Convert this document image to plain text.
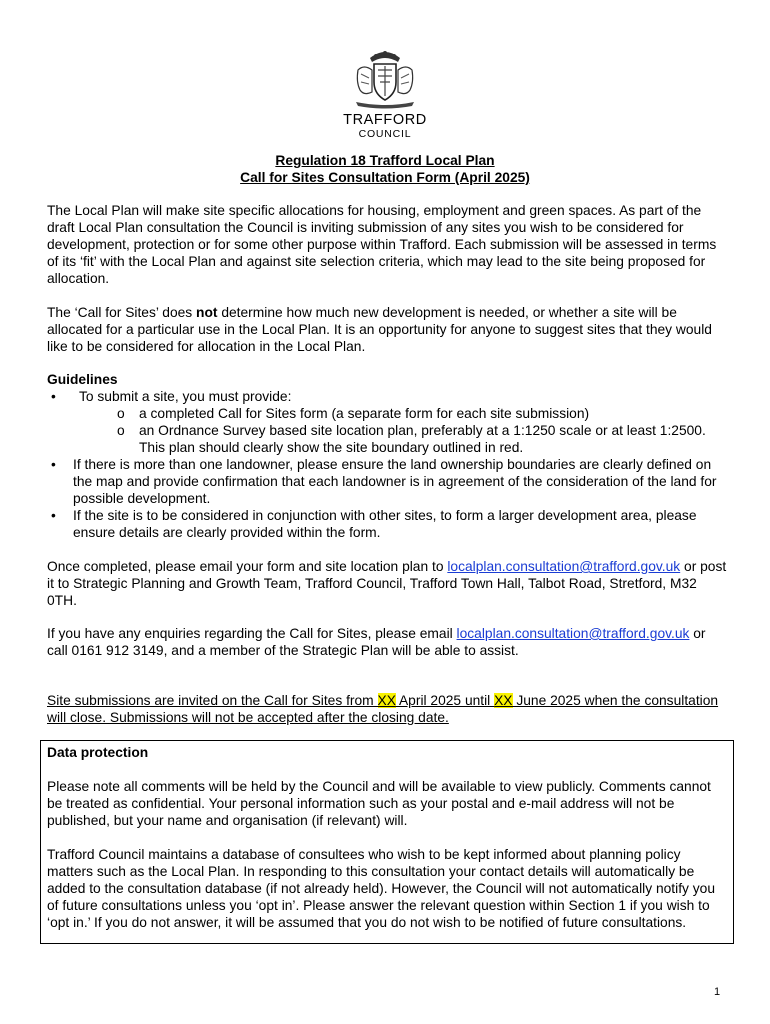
TRAFFORD
COUNCIL
Regulation 18 Trafford Local Plan
Call for Sites Consultation Form (April 2025)

The Local Plan will make site specific allocations for housing, employment and green spaces. As part of the draft Local Plan consultation the Council is inviting submission of any sites you wish to be considered for development, protection or for some other purpose within Trafford. Each submission will be assessed in terms of its ‘fit’ with the Local Plan and against site selection criteria, which may lead to the site being proposed for allocation.

The ‘Call for Sites’ does not determine how much new development is needed, or whether a site will be allocated for a particular use in the Local Plan. It is an opportunity for anyone to suggest sites that they would like to be considered for allocation in the Local Plan.

Guidelines
• To submit a site, you must provide:
o a completed Call for Sites form (a separate form for each site submission)
o an Ordnance Survey based site location plan, preferably at a 1:1250 scale or at least 1:2500. This plan should clearly show the site boundary outlined in red.
• If there is more than one landowner, please ensure the land ownership boundaries are clearly defined on the map and provide confirmation that each landowner is in agreement of the consideration of the land for possible development.
• If the site is to be considered in conjunction with other sites, to form a larger development area, please ensure details are clearly provided within the form.

Once completed, please email your form and site location plan to localplan.consultation@trafford.gov.uk or post it to Strategic Planning and Growth Team, Trafford Council, Trafford Town Hall, Talbot Road, Stretford, M32 0TH.

If you have any enquiries regarding the Call for Sites, please email localplan.consultation@trafford.gov.uk or call 0161 912 3149, and a member of the Strategic Plan will be able to assist.

Site submissions are invited on the Call for Sites from XX April 2025 until XX June 2025 when the consultation will close. Submissions will not be accepted after the closing date.

Data protection

Please note all comments will be held by the Council and will be available to view publicly. Comments cannot be treated as confidential. Your personal information such as your postal and e-mail address will not be published, but your name and organisation (if relevant) will.

Trafford Council maintains a database of consultees who wish to be kept informed about planning policy matters such as the Local Plan. In responding to this consultation your contact details will automatically be added to the consultation database (if not already held). However, the Council will not automatically notify you of future consultations unless you ‘opt in’. Please answer the relevant question within Section 1 if you wish to ‘opt in.’ If you do not answer, it will be assumed that you do not wish to be notified of future consultations.

1
